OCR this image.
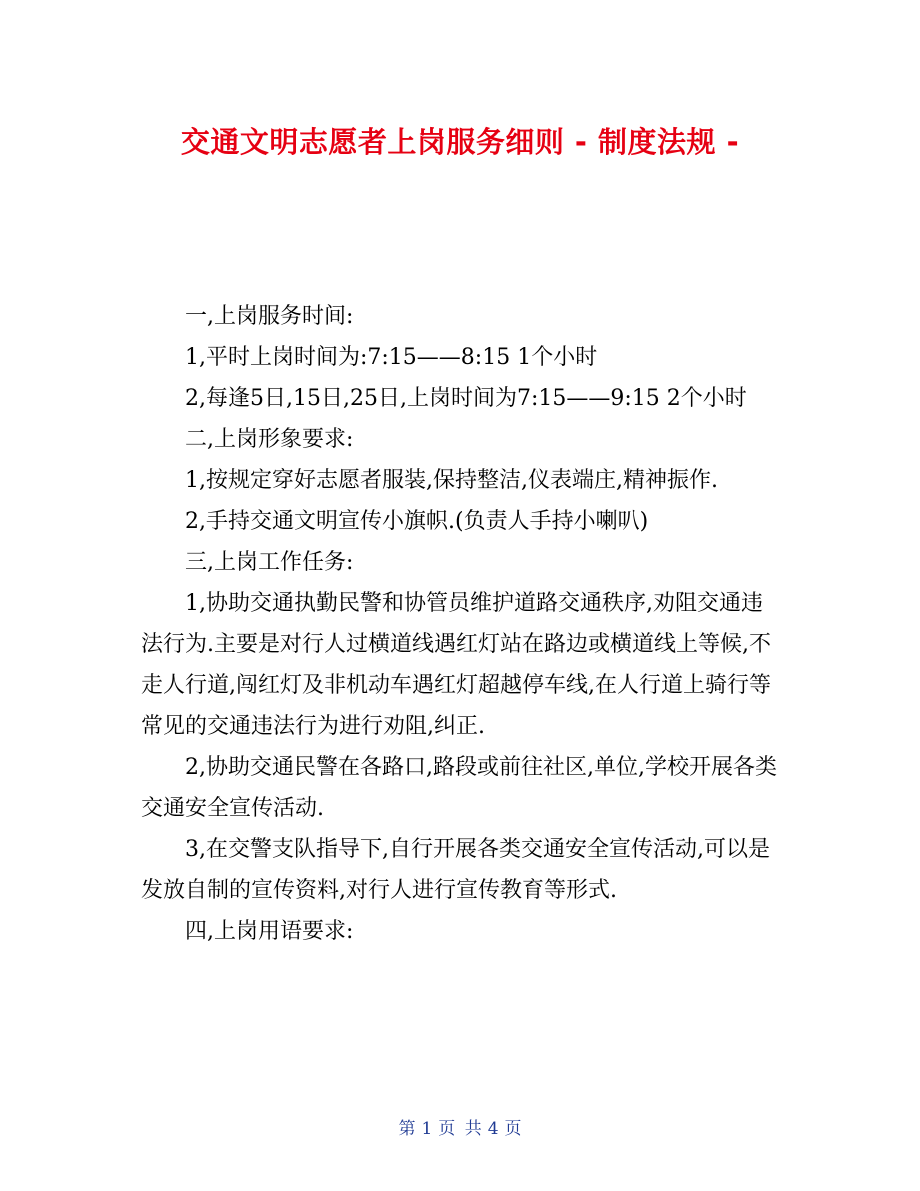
交通文明志愿者上岗服务细则 - 制度法规 -

一,上岗服务时间:

1,平时上岗时间为:7:15——8:15 1个小时

2,每逢5日,15日,25日,上岗时间为7:15——9:15 2个小时

二,上岗形象要求:

1,按规定穿好志愿者服装,保持整洁,仪表端庄,精神振作.

2,手持交通文明宣传小旗帜.(负责人手持小喇叭)

三,上岗工作任务:

1,协助交通执勤民警和协管员维护道路交通秩序,劝阻交通违法行为.主要是对行人过横道线遇红灯站在路边或横道线上等候,不走人行道,闯红灯及非机动车遇红灯超越停车线,在人行道上骑行等常见的交通违法行为进行劝阻,纠正.

2,协助交通民警在各路口,路段或前往社区,单位,学校开展各类交通安全宣传活动.

3,在交警支队指导下,自行开展各类交通安全宣传活动,可以是发放自制的宣传资料,对行人进行宣传教育等形式.

四,上岗用语要求:

第 1 页 共 4 页
